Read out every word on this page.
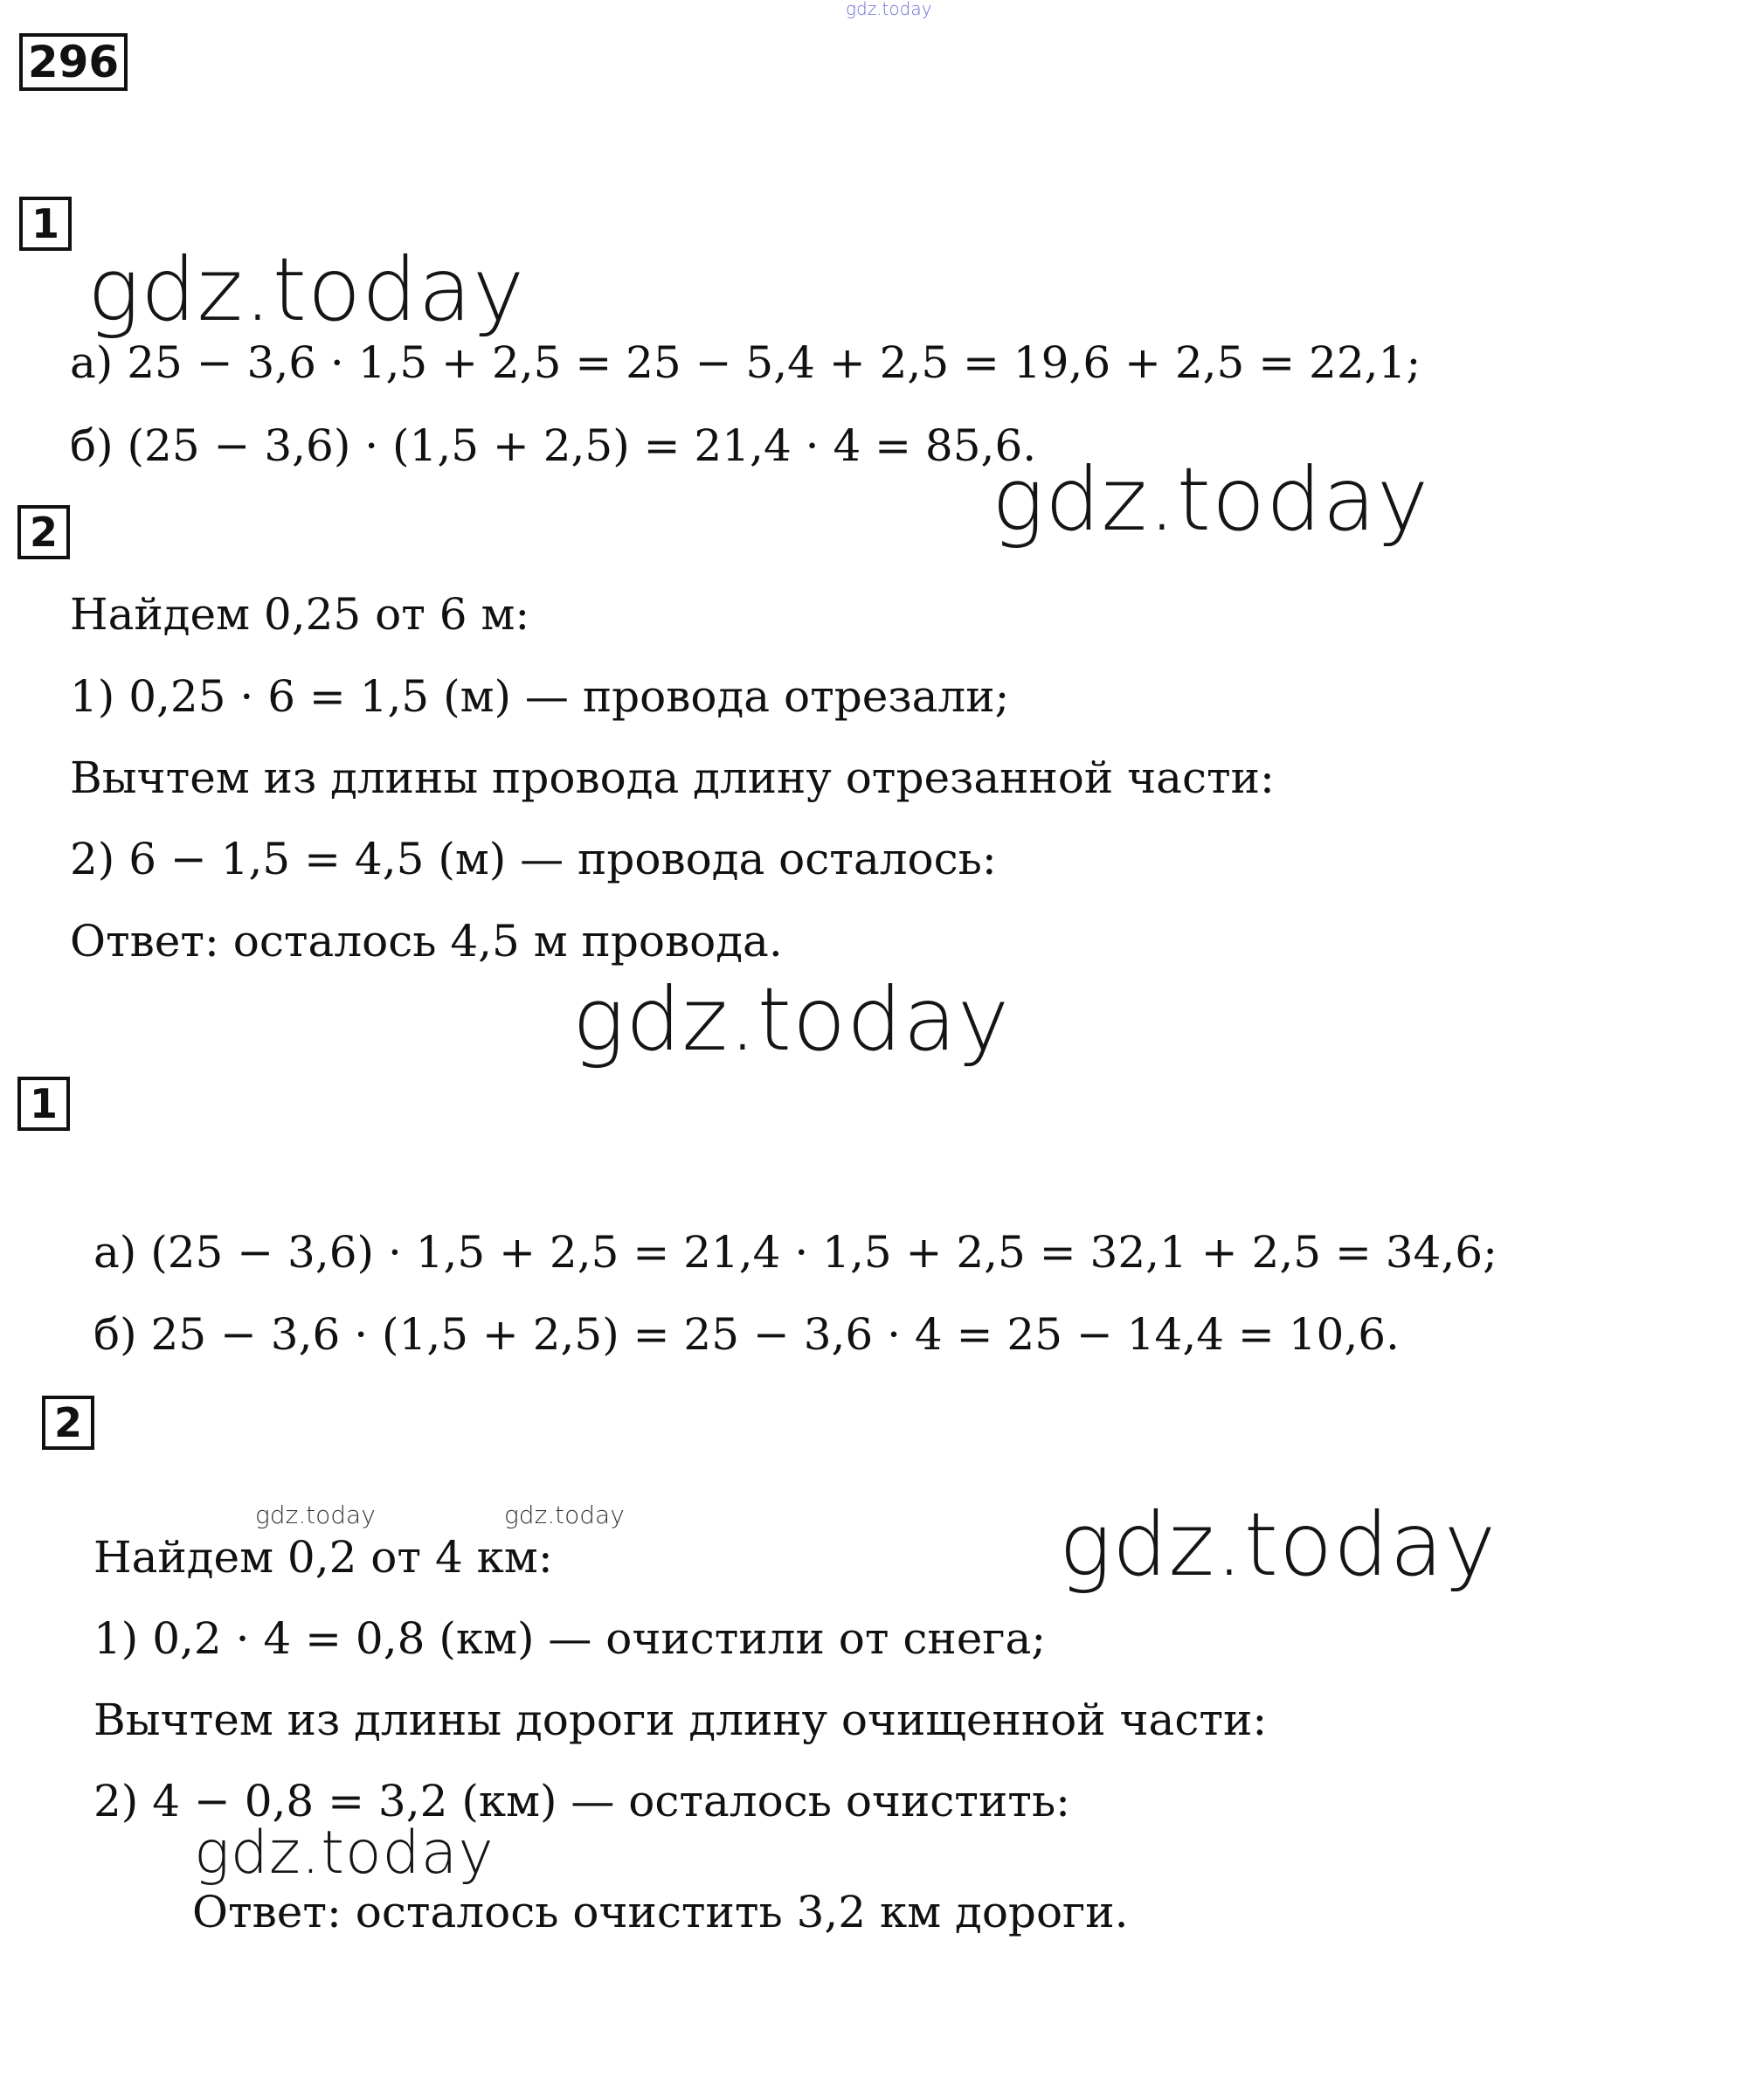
gdz.today
296
1
gdz.today
а) 25 − 3,6 · 1,5 + 2,5 = 25 − 5,4 + 2,5 = 19,6 + 2,5 = 22,1;
б) (25 − 3,6) · (1,5 + 2,5) = 21,4 · 4 = 85,6.
gdz.today
2
Найдем 0,25 от 6 м:
1) 0,25 · 6 = 1,5 (м) — провода отрезали;
Вычтем из длины провода длину отрезанной части:
2) 6 − 1,5 = 4,5 (м) — провода осталось:
Ответ: осталось 4,5 м провода.
gdz.today
1
а) (25 − 3,6) · 1,5 + 2,5 = 21,4 · 1,5 + 2,5 = 32,1 + 2,5 = 34,6;
б) 25 − 3,6 · (1,5 + 2,5) = 25 − 3,6 · 4 = 25 − 14,4 = 10,6.
2
gdz.today	gdz.today	gdz.today
Найдем 0,2 от 4 км:
1) 0,2 · 4 = 0,8 (км) — очистили от снега;
Вычтем из длины дороги длину очищенной части:
2) 4 − 0,8 = 3,2 (км) — осталось очистить:
gdz.today
Ответ: осталось очистить 3,2 км дороги.
